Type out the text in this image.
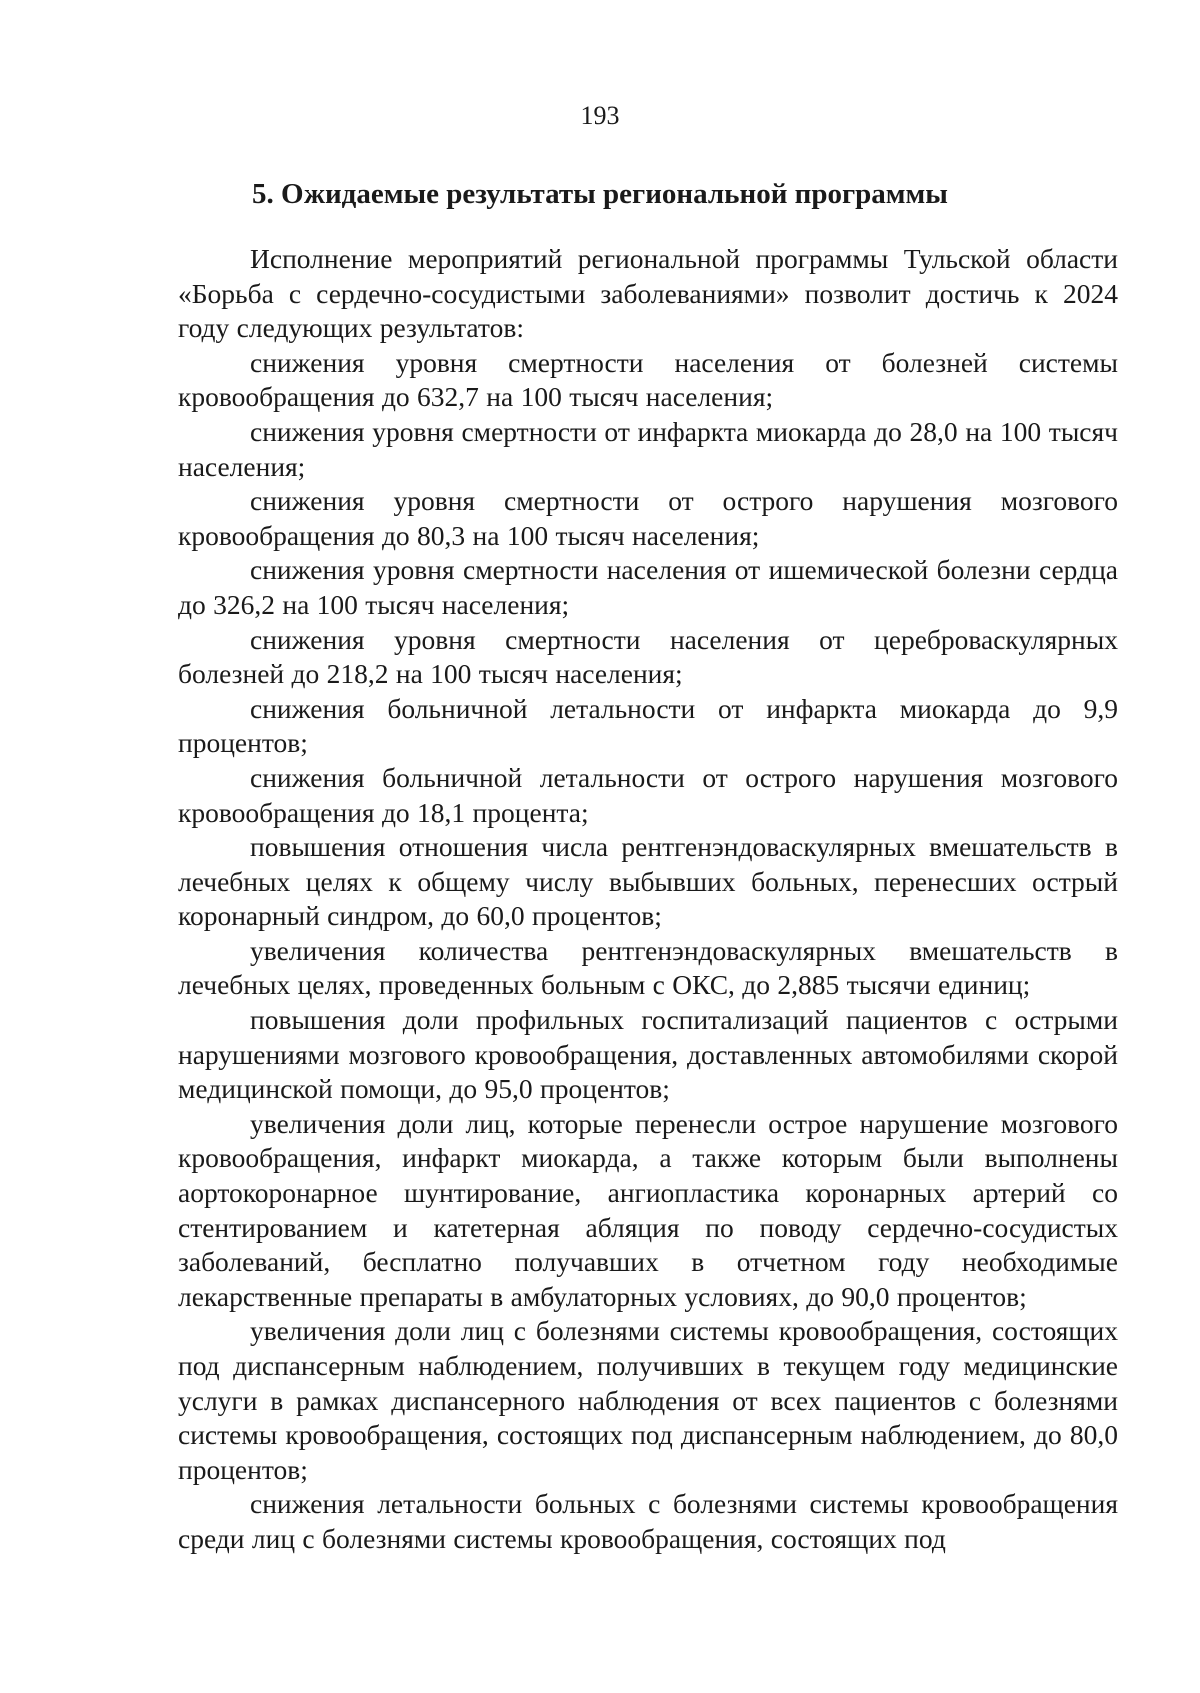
193
5. Ожидаемые результаты региональной программы

Исполнение мероприятий региональной программы Тульской области «Борьба с сердечно-сосудистыми заболеваниями» позволит достичь к 2024 году следующих результатов:

снижения уровня смертности населения от болезней системы кровообращения до 632,7 на 100 тысяч населения;

снижения уровня смертности от инфаркта миокарда до 28,0 на 100 тысяч населения;

снижения уровня смертности от острого нарушения мозгового кровообращения до 80,3 на 100 тысяч населения;

снижения уровня смертности населения от ишемической болезни сердца до 326,2 на 100 тысяч населения;

снижения уровня смертности населения от цереброваскулярных болезней до 218,2 на 100 тысяч населения;

снижения больничной летальности от инфаркта миокарда до 9,9 процентов;

снижения больничной летальности от острого нарушения мозгового кровообращения до 18,1 процента;

повышения отношения числа рентгенэндоваскулярных вмешательств в лечебных целях к общему числу выбывших больных, перенесших острый коронарный синдром, до 60,0 процентов;

увеличения количества рентгенэндоваскулярных вмешательств в лечебных целях, проведенных больным с ОКС, до 2,885 тысячи единиц;

повышения доли профильных госпитализаций пациентов с острыми нарушениями мозгового кровообращения, доставленных автомобилями скорой медицинской помощи, до 95,0 процентов;

увеличения доли лиц, которые перенесли острое нарушение мозгового кровообращения, инфаркт миокарда, а также которым были выполнены аортокоронарное шунтирование, ангиопластика коронарных артерий со стентированием и катетерная абляция по поводу сердечно-сосудистых заболеваний, бесплатно получавших в отчетном году необходимые лекарственные препараты в амбулаторных условиях, до 90,0 процентов;

увеличения доли лиц с болезнями системы кровообращения, состоящих под диспансерным наблюдением, получивших в текущем году медицинские услуги в рамках диспансерного наблюдения от всех пациентов с болезнями системы кровообращения, состоящих под диспансерным наблюдением, до 80,0 процентов;

снижения летальности больных с болезнями системы кровообращения среди лиц с болезнями системы кровообращения, состоящих под
